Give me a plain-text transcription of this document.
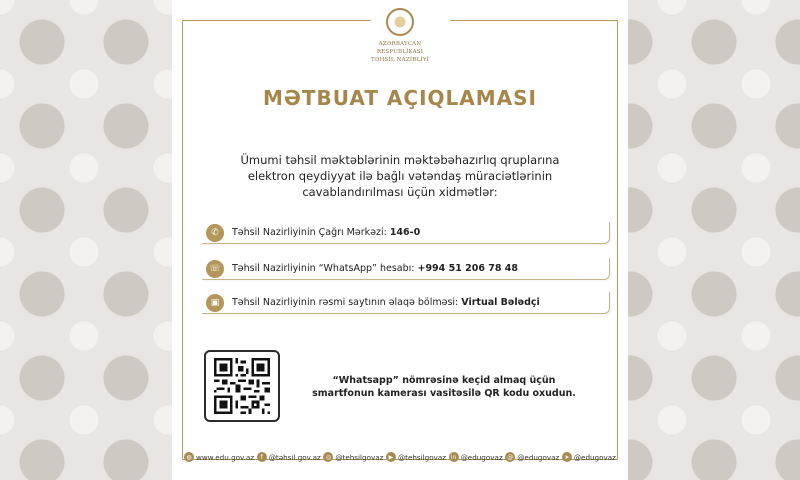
AZƏRBAYCAN RESPUBLİKASI
TƏHSİL NAZİRLİYİ
MƏTBUAT AÇIQLAMASI
Ümumi təhsil məktəblərinin məktəbəhazırlıq qruplarına
elektron qeydiyyat ilə bağlı vətəndaş müraciətlərinin
cavablandırılması üçün xidmətlər:
✆	Təhsil Nazirliyinin Çağrı Mərkəzi: 146-0
☏	Təhsil Nazirliyinin “WhatsApp” hesabı: +994 51 206 78 48
▣	Təhsil Nazirliyinin rəsmi saytının əlaqə bölməsi: Virtual Bələdçi
“Whatsapp” nömrəsinə keçid almaq üçün
smartfonun kamerası vasitəsilə QR kodu oxudun.
◍ www.edu.gov.az	f @təhsil.gov.az ◎ @tehsilgovaz ▶ @tehsilgovaz in @edugovaz @ @edugovaz ➤ @edugovaz
